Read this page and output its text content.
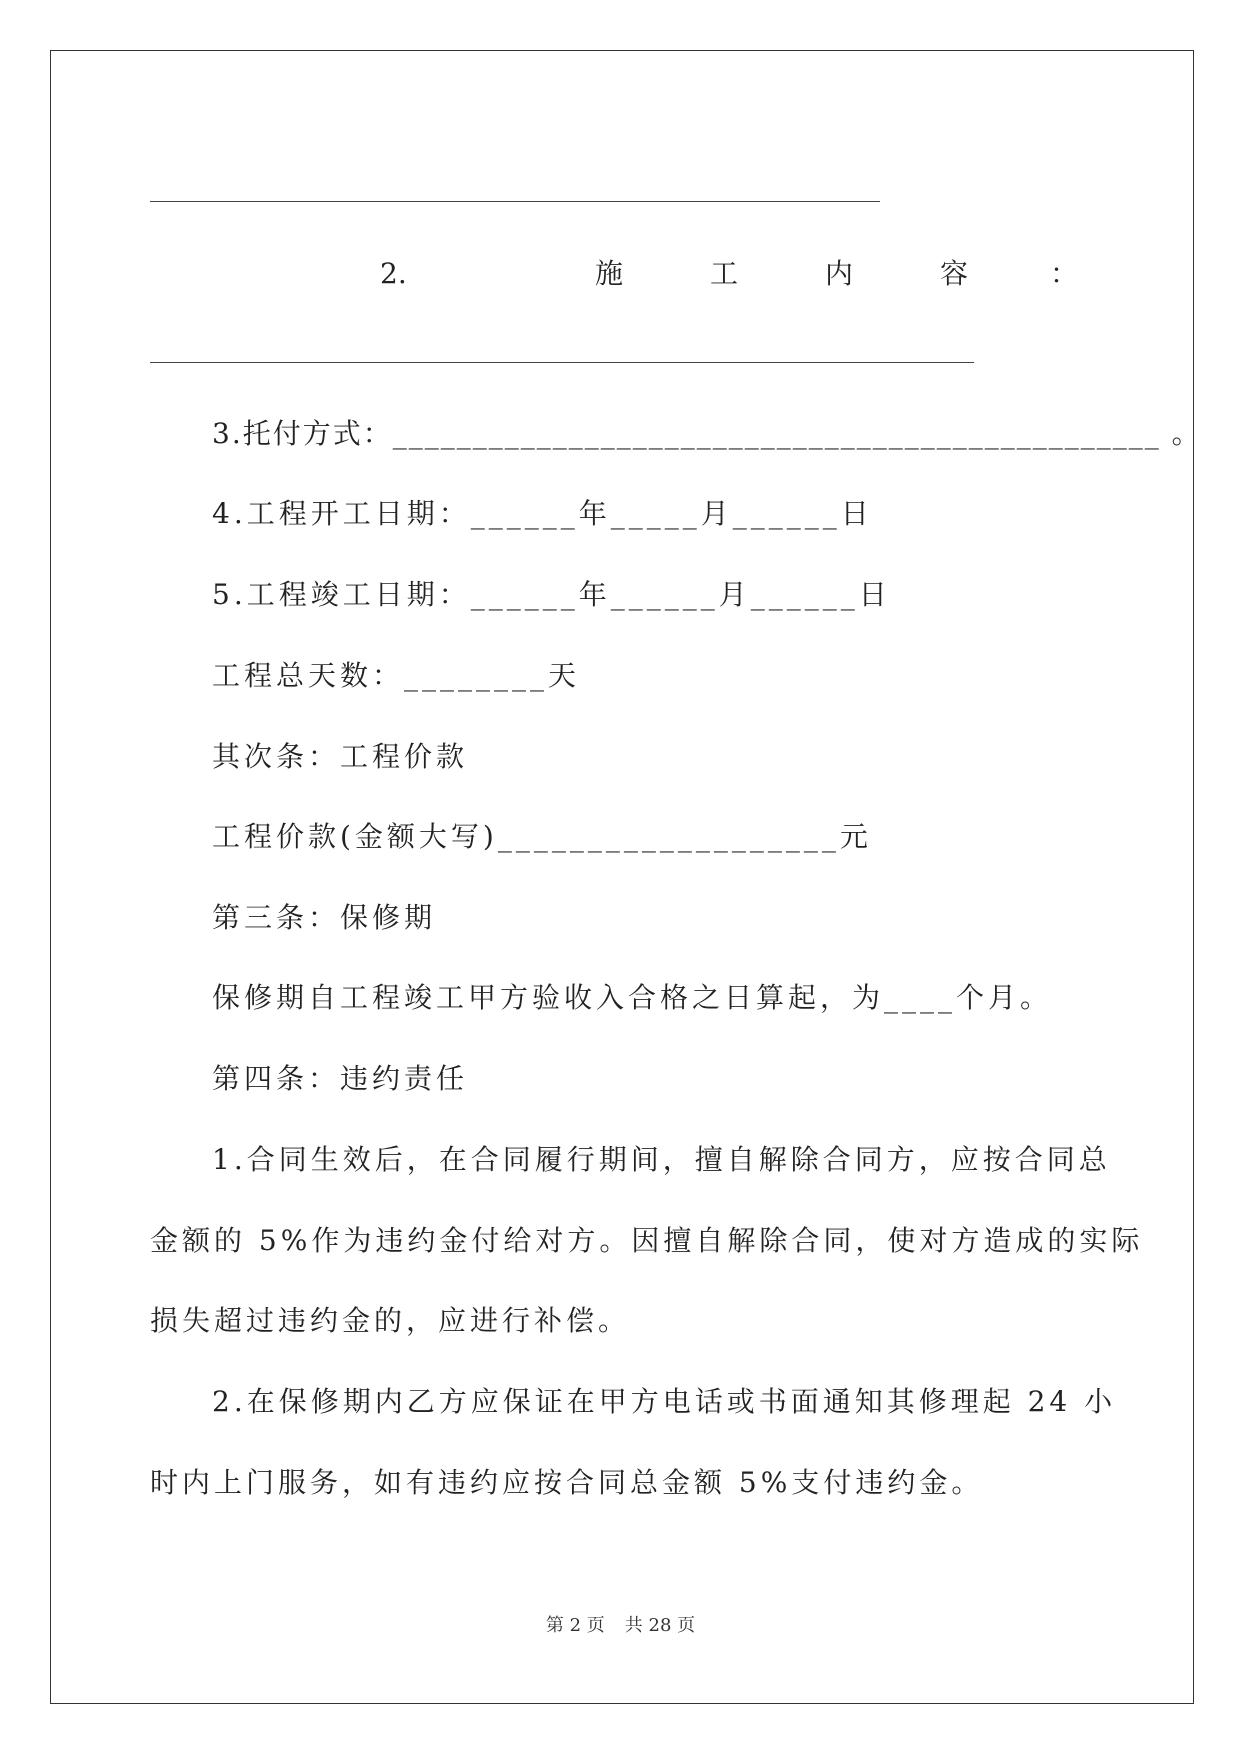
2.	施	工	内	容	：
3.托付方式：________________________________________________ 。
4.工程开工日期：______年_____月______日
5.工程竣工日期：______年______月______日
工程总天数：________天
其次条：工程价款
工程价款(金额大写)___________________元
第三条：保修期
保修期自工程竣工甲方验收入合格之日算起，为____个月。
第四条：违约责任
1.合同生效后，在合同履行期间，擅自解除合同方，应按合同总
金额的 5%作为违约金付给对方。因擅自解除合同，使对方造成的实际
损失超过违约金的，应进行补偿。
2.在保修期内乙方应保证在甲方电话或书面通知其修理起 24 小
时内上门服务，如有违约应按合同总金额 5%支付违约金。
第 2 页 共 28 页
